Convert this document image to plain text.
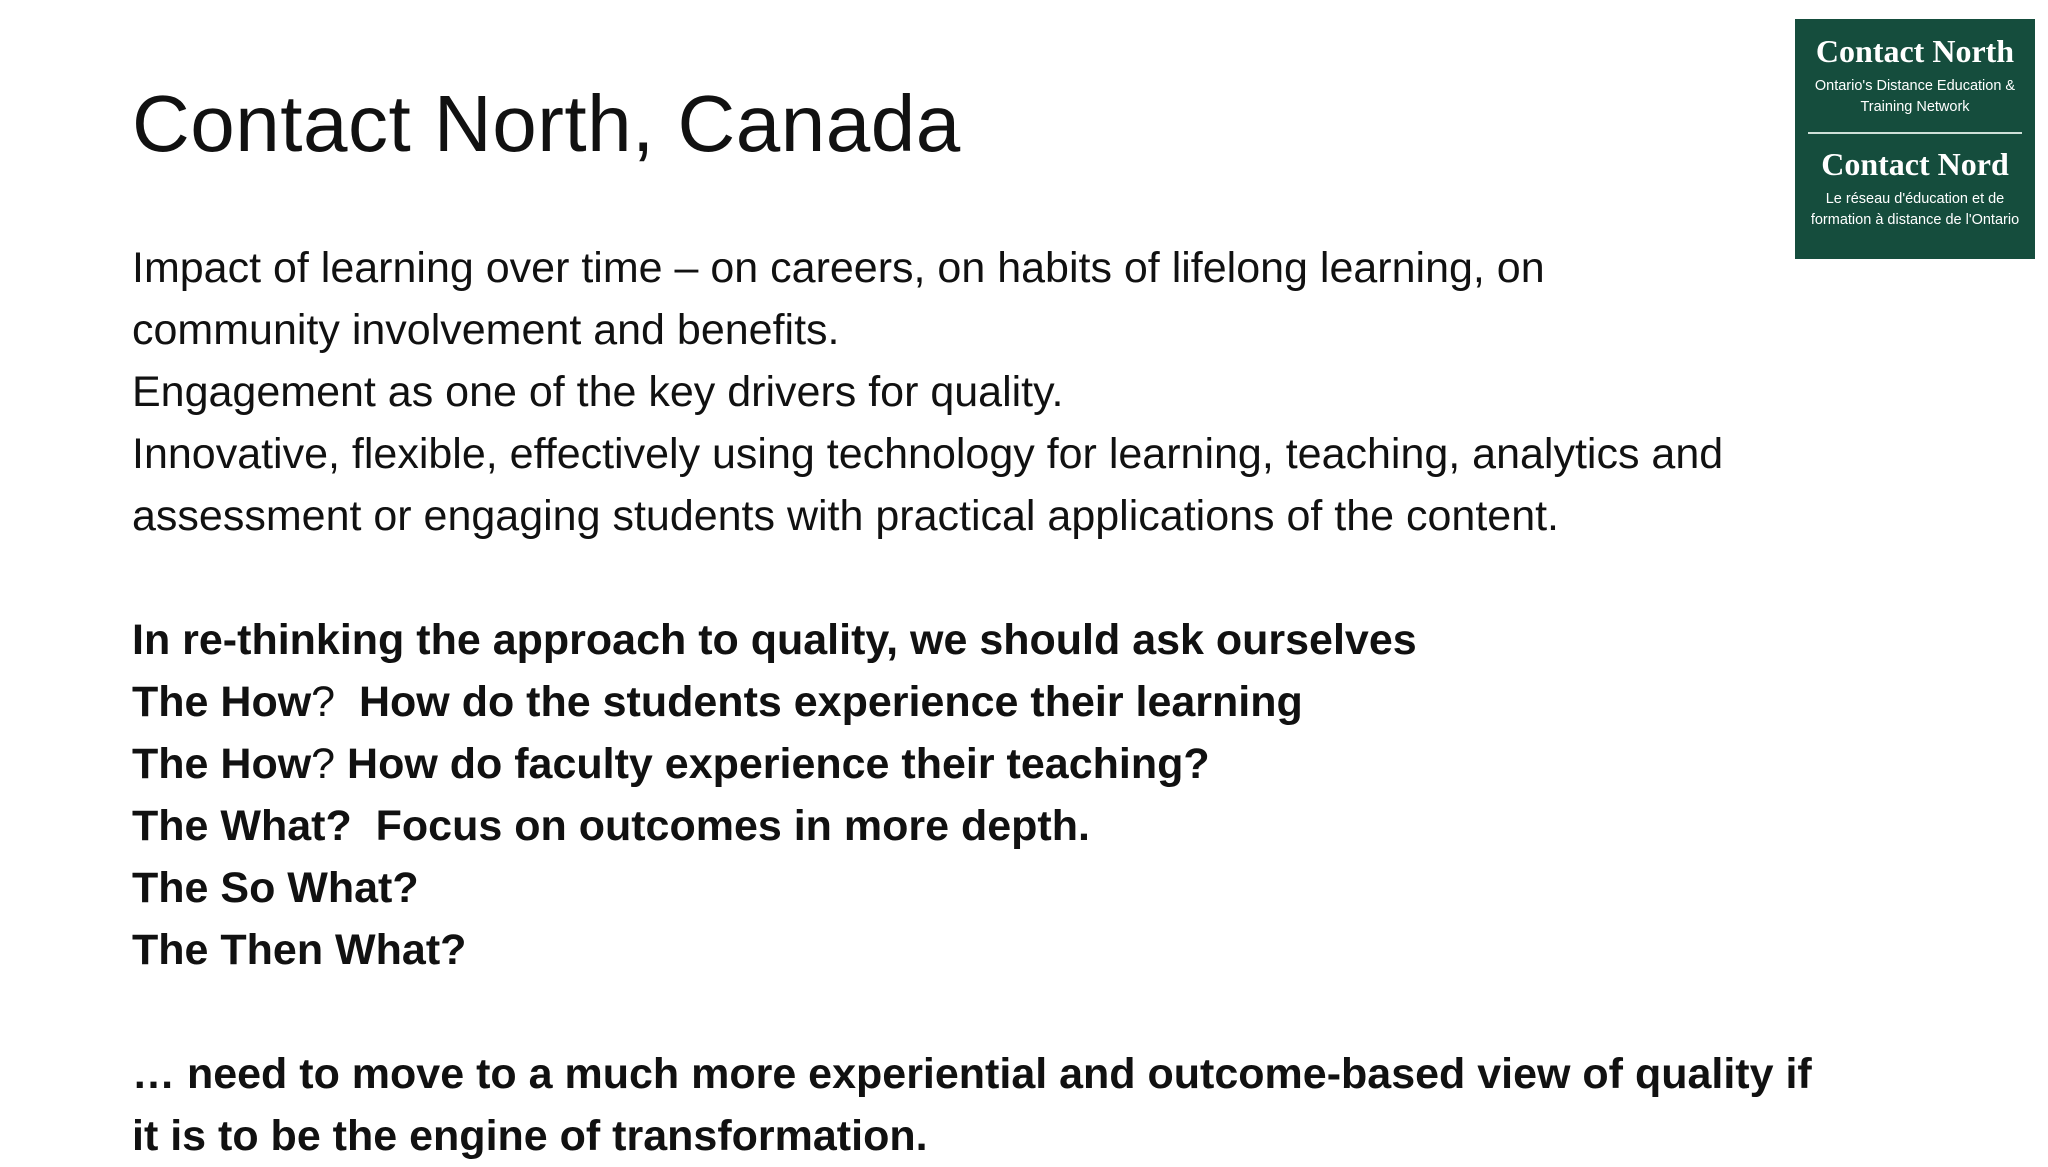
Contact North, Canada
Contact North
Ontario's Distance Education &
Training Network
Contact Nord
Le réseau d'éducation et de
formation à distance de l'Ontario
Impact of learning over time – on careers, on habits of lifelong learning, on
community involvement and benefits.
Engagement as one of the key drivers for quality.
Innovative, flexible, effectively using technology for learning, teaching, analytics and
assessment or engaging students with practical applications of the content.
In re-thinking the approach to quality, we should ask ourselves
The How?  How do the students experience their learning
The How? How do faculty experience their teaching?
The What?  Focus on outcomes in more depth.
The So What?
The Then What?
… need to move to a much more experiential and outcome-based view of quality if
it is to be the engine of transformation.
